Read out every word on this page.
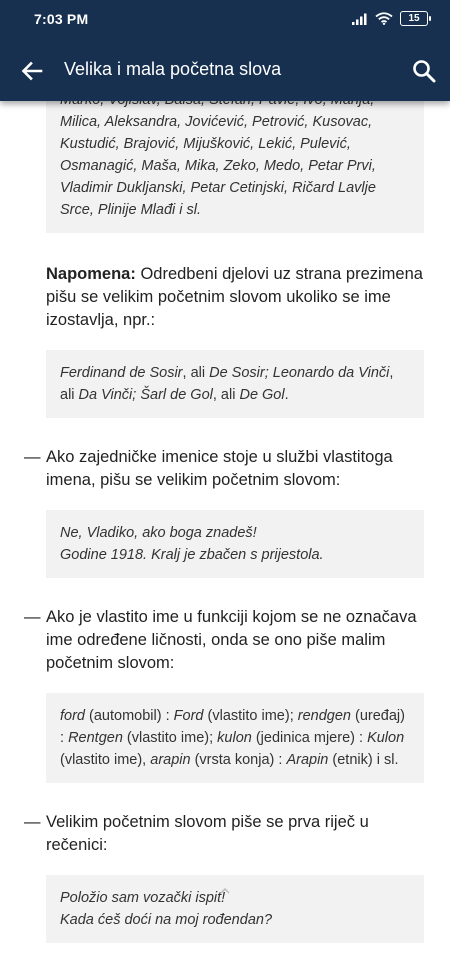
7:03 PM	15
Velika i mala početna slova
Milica, Aleksandra, Jovićević, Petrović, Kusovac,
Kustudić, Brajović, Mijušković, Lekić, Pulević,
Osmanagić, Maša, Mika, Zeko, Medo, Petar Prvi,
Vladimir Dukljanski, Petar Cetinjski, Ričard Lavlje
Srce, Plinije Mlađi i sl.
Napomena: Odredbeni djelovi uz strana prezimena pišu se velikim početnim slovom ukoliko se ime izostavlja, npr.:
Ferdinand de Sosir, ali De Sosir; Leonardo da Vinči, ali Da Vinči; Šarl de Gol, ali De Gol.
— Ako zajedničke imenice stoje u službi vlastitoga imena, pišu se velikim početnim slovom:
Ne, Vladiko, ako boga znadeš!
Godine 1918. Kralj je zbačen s prijestola.
— Ako je vlastito ime u funkciji kojom se ne označava ime određene ličnosti, onda se ono piše malim početnim slovom:
ford (automobil) : Ford (vlastito ime); rendgen (uređaj) : Rentgen (vlastito ime); kulon (jedinica mjere) : Kulon (vlastito ime), arapin (vrsta konja) : Arapin (etnik) i sl.
— Velikim početnim slovom piše se prva riječ u rečenici:
Položio sam vozački ispit!
Kada ćeš doći na moj rođendan?
